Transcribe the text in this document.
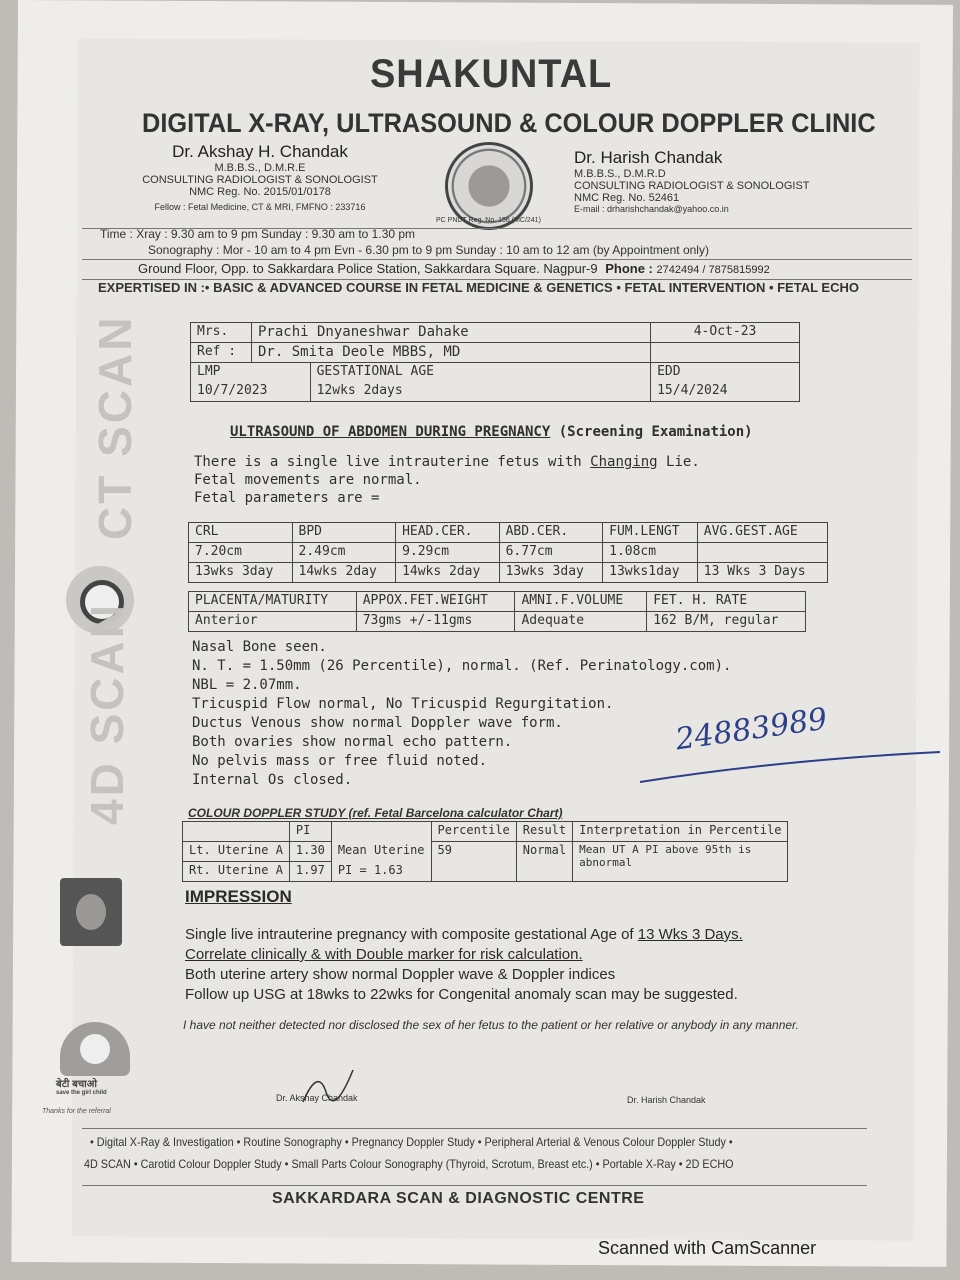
SHAKUNTAL
DIGITAL X-RAY, ULTRASOUND & COLOUR DOPPLER CLINIC
Dr. Akshay H. Chandak
M.B.B.S., D.M.R.E
CONSULTING RADIOLOGIST & SONOLOGIST
NMC Reg. No. 2015/01/0178
Fellow : Fetal Medicine, CT & MRI, FMFNO : 233716
PC PNDT Reg. No. 156 (MC/241)
Dr. Harish Chandak
M.B.B.S., D.M.R.D
CONSULTING RADIOLOGIST & SONOLOGIST
NMC Reg. No. 52461
E-mail : drharishchandak@yahoo.co.in
Time : Xray : 9.30 am to 9 pm Sunday : 9.30 am to 1.30 pm
Sonography : Mor - 10 am to 4 pm Evn - 6.30 pm to 9 pm Sunday : 10 am to 12 am (by Appointment only)
Ground Floor, Opp. to Sakkardara Police Station, Sakkardara Square. Nagpur-9 Phone : 2742494 / 7875815992
EXPERTISED IN :• BASIC & ADVANCED COURSE IN FETAL MEDICINE & GENETICS • FETAL INTERVENTION • FETAL ECHO
CT SCAN
4D SCAN
Mrs.	Prachi Dnyaneshwar Dahake		4-Oct-23
Ref :	Dr. Smita Deole MBBS, MD		
LMP		GESTATIONAL AGE	EDD
10/7/2023		12wks 2days	15/4/2024
ULTRASOUND OF ABDOMEN DURING PREGNANCY (Screening Examination)
There is a single live intrauterine fetus with Changing Lie.
Fetal movements are normal.
Fetal parameters are =
CRL	BPD	HEAD.CER.	ABD.CER.	FUM.LENGT	AVG.GEST.AGE
7.20cm	2.49cm	9.29cm	6.77cm	1.08cm	
13wks 3day	14wks 2day	14wks 2day	13wks 3day	13wks1day	13 Wks 3 Days
PLACENTA/MATURITY	APPOX.FET.WEIGHT	AMNI.F.VOLUME	FET. H. RATE
Anterior	73gms +/-11gms	Adequate	162 B/M, regular
Nasal Bone seen.
N. T. = 1.50mm (26 Percentile), normal. (Ref. Perinatology.com).
NBL = 2.07mm.
Tricuspid Flow normal, No Tricuspid Regurgitation.
Ductus Venous show normal Doppler wave form.
Both ovaries show normal echo pattern.
No pelvis mass or free fluid noted.
Internal Os closed.
24883989
COLOUR DOPPLER STUDY (ref. Fetal Barcelona calculator Chart)
	PI		Percentile	Result	Interpretation in Percentile
Lt. Uterine A	1.30	Mean Uterine	59	Normal	Mean UT A PI above 95th is abnormal
Rt. Uterine A	1.97	PI = 1.63			
IMPRESSION
Single live intrauterine pregnancy with composite gestational Age of 13 Wks 3 Days.
Correlate clinically & with Double marker for risk calculation.
Both uterine artery show normal Doppler wave & Doppler indices
Follow up USG at 18wks to 22wks for Congenital anomaly scan may be suggested.
I have not neither detected nor disclosed the sex of her fetus to the patient or her relative or anybody in any manner.
बेटी बचाओ
save the girl child
Thanks for the referral
Dr. Akshay Chandak	Dr. Harish Chandak
• Digital X-Ray & Investigation • Routine Sonography • Pregnancy Doppler Study • Peripheral Arterial & Venous Colour Doppler Study •
4D SCAN • Carotid Colour Doppler Study • Small Parts Colour Sonography (Thyroid, Scrotum, Breast etc.) • Portable X-Ray • 2D ECHO
SAKKARDARA SCAN & DIAGNOSTIC CENTRE
Scanned with CamScanner
